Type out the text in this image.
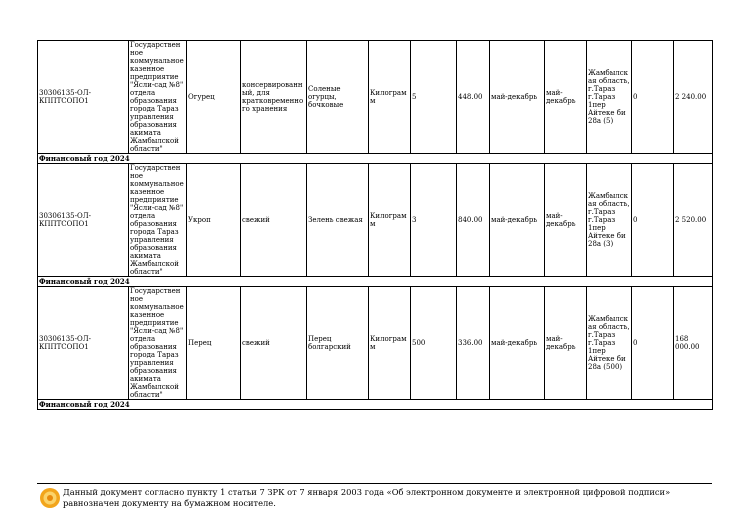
30306135-ОЛ-КППТСОПО1	Государственное коммунальное казенное предприятие "Ясли-сад №8" отдела образования города Тараз управления образования акимата Жамбылской области"	Огурец	консервированный, для кратковременного хранения	Соленые огурцы, бочковые	Килограмм	5	448.00	май-декабрь	май-декабрь	Жамбылская область, г.Тараз г.Тараз 1пер Айтеке би 28а (5)	0	2 240.00
Финансовый год 2024												
30306135-ОЛ-КППТСОПО1	Государственное коммунальное казенное предприятие "Ясли-сад №8" отдела образования города Тараз управления образования акимата Жамбылской области"	Укроп	свежий	Зелень свежая	Килограмм	3	840.00	май-декабрь	май-декабрь	Жамбылская область, г.Тараз г.Тараз 1пер Айтеке би 28а (3)	0	2 520.00
Финансовый год 2024												
30306135-ОЛ-КППТСОПО1	Государственное коммунальное казенное предприятие "Ясли-сад №8" отдела образования города Тараз управления образования акимата Жамбылской области"	Перец	свежий	Перец болгарский	Килограмм	500	336.00	май-декабрь	май-декабрь	Жамбылская область, г.Тараз г.Тараз 1пер Айтеке би 28а (500)	0	168 000.00
Финансовый год 2024												
Данный документ согласно пункту 1 статьи 7 ЗРК от 7 января 2003 года «Об электронном документе и электронной цифровой подписи» равнозначен документу на бумажном носителе.
